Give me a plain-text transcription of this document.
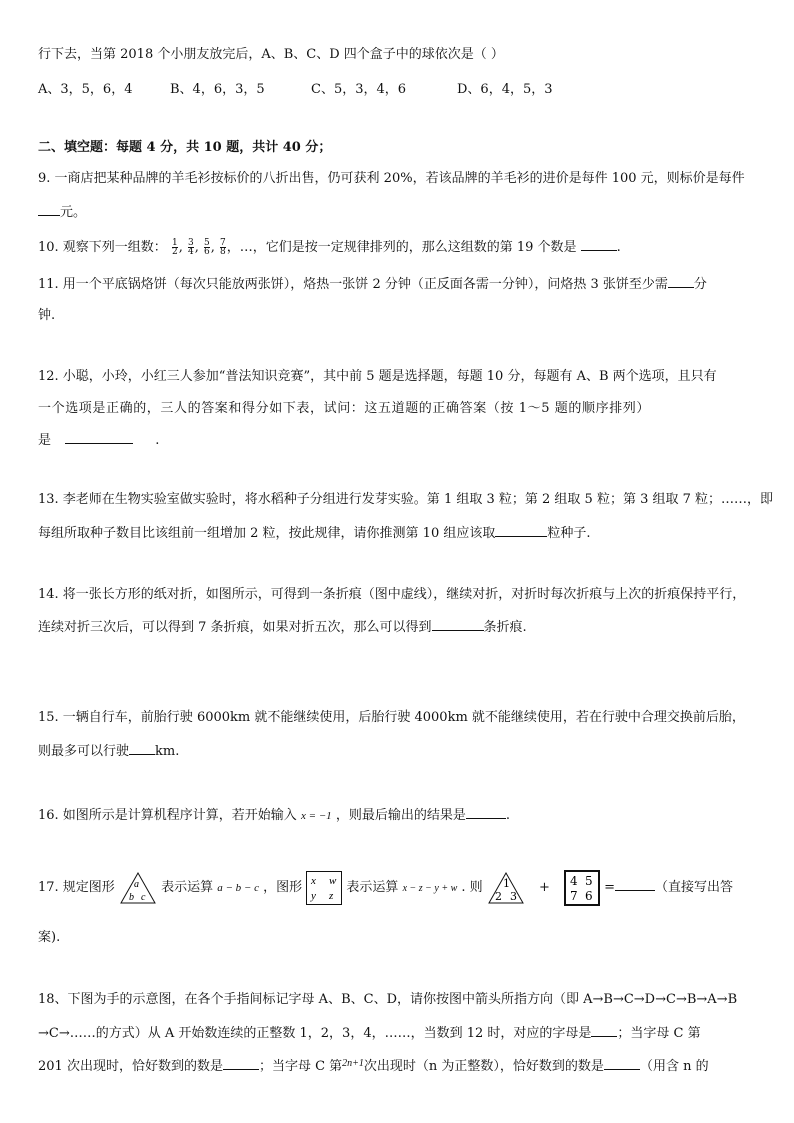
行下去，当第 2018 个小朋友放完后，A、B、C、D 四个盒子中的球依次是（ ）
A、3，5，6，4	B、4，6，3，5	C、5，3，4，6	D、6，4，5，3
二、填空题：每题 4 分，共 10 题，共计 40 分；
9. 一商店把某种品牌的羊毛衫按标价的八折出售，仍可获利 20%，若该品牌的羊毛衫的进价是每件 100 元，则标价是每件
元。
10. 观察下列一组数： $\frac{1}{2}$ , $\frac{3}{4}$ , $\frac{5}{6}$ , $\frac{7}{8}$ ，…，它们是按一定规律排列的，那么这组数的第 19 个数是	.
11. 用一个平底锅烙饼（每次只能放两张饼），烙热一张饼 2 分钟（正反面各需一分钟），问烙热 3 张饼至少需 分
钟.
12. 小聪，小玲，小红三人参加“普法知识竞赛”，其中前 5 题是选择题，每题 10 分，每题有 A、B 两个选项，且只有
一个选项是正确的，三人的答案和得分如下表，试问：这五道题的正确答案（按 1～5 题的顺序排列）
是	.
13. 李老师在生物实验室做实验时，将水稻种子分组进行发芽实验。第 1 组取 3 粒；第 2 组取 5 粒；第 3 组取 7 粒；……，即
每组所取种子数目比该组前一组增加 2 粒，按此规律，请你推测第 10 组应该取	粒种子.
14. 将一张长方形的纸对折，如图所示，可得到一条折痕（图中虚线），继续对折，对折时每次折痕与上次的折痕保持平行，
连续对折三次后，可以得到 7 条折痕，如果对折五次，那么可以得到	条折痕.
15. 一辆自行车，前胎行驶 6000km 就不能继续使用，后胎行驶 4000km 就不能继续使用，若在行驶中合理交换前后胎，
则最多可以行驶 km.
16. 如图所示是计算机程序计算，若开始输入 x = −1 ，则最后输出的结果是	.
17. 规定图形 a
b c
表示运算 a − b − c ，图形 x w
y z
表示运算 x − z − y + w . 则 1
2 3
+ 4 5
7 6
=	（直接写出答
案).
18、下图为手的示意图，在各个手指间标记字母 A、B、C、D，请你按图中箭头所指方向（即 A→B→C→D→C→B→A→B
→C→……的方式）从 A 开始数连续的正整数 1，2，3，4，……，当数到 12 时，对应的字母是 ；当字母 C 第
201 次出现时，恰好数到的数是	；当字母 C 第$^{2n+1}$次出现时（n 为正整数），恰好数到的数是	（用含 n 的
